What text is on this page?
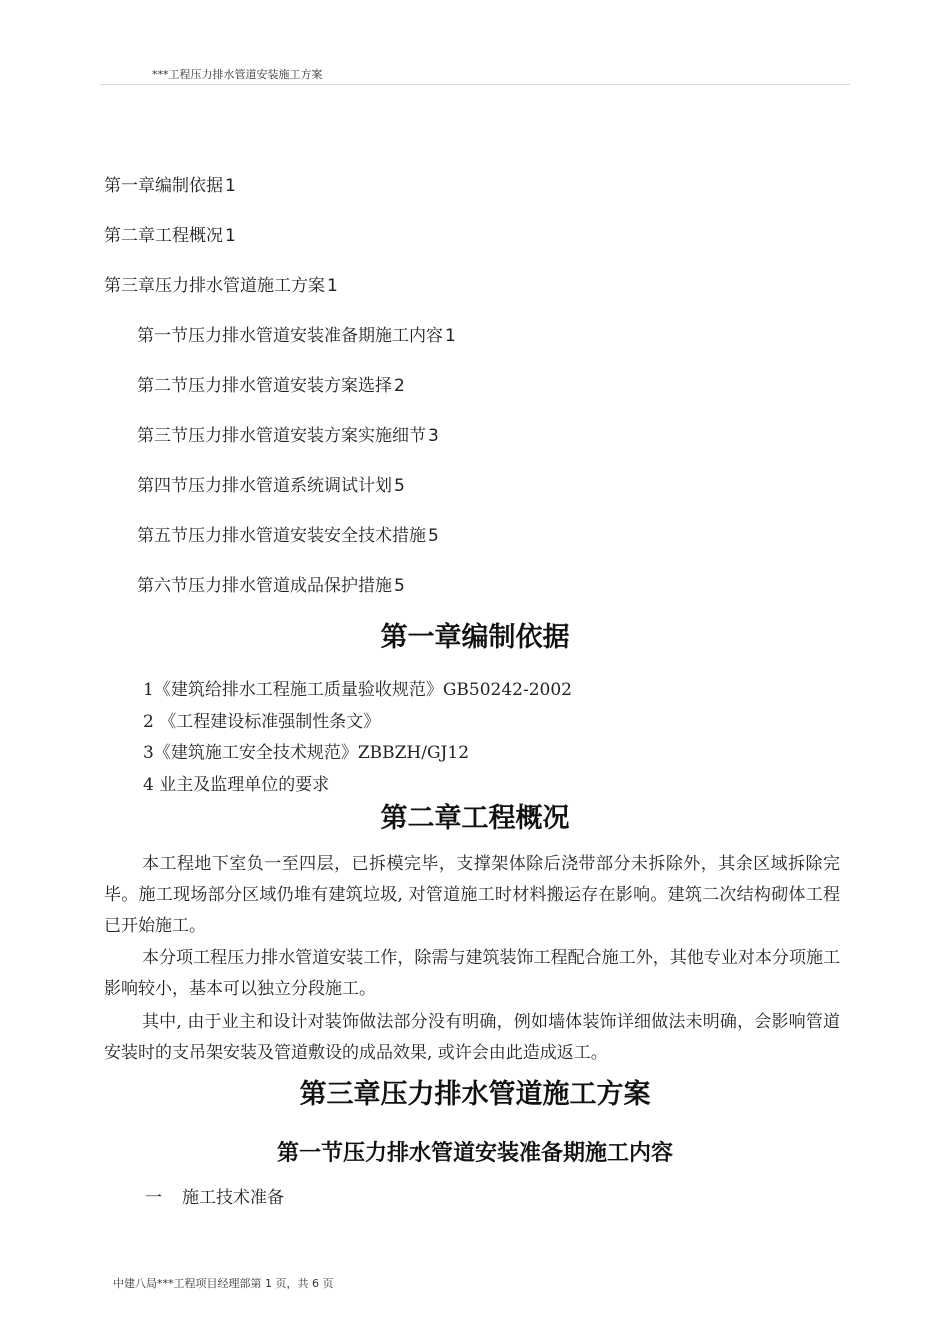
***工程压力排水管道安装施工方案
第一章编制依据 1
第二章工程概况 1
第三章压力排水管道施工方案 1
第一节压力排水管道安装准备期施工内容 1
第二节压力排水管道安装方案选择 2
第三节压力排水管道安装方案实施细节 3
第四节压力排水管道系统调试计划 5
第五节压力排水管道安装安全技术措施 5
第六节压力排水管道成品保护措施 5
第一章编制依据
1《建筑给排水工程施工质量验收规范》GB50242-2002
2 《工程建设标准强制性条文》
3《建筑施工安全技术规范》ZBBZH/GJ12
4 业主及监理单位的要求
第二章工程概况

本工程地下室负一至四层，已拆模完毕，支撑架体除后浇带部分未拆除外，其余区域拆除完毕。施工现场部分区域仍堆有建筑垃圾, 对管道施工时材料搬运存在影响。建筑二次结构砌体工程已开始施工。

本分项工程压力排水管道安装工作，除需与建筑装饰工程配合施工外，其他专业对本分项施工影响较小，基本可以独立分段施工。

其中, 由于业主和设计对装饰做法部分没有明确，例如墙体装饰详细做法未明确，会影响管道安装时的支吊架安装及管道敷设的成品效果, 或许会由此造成返工。

第三章压力排水管道施工方案
第一节压力排水管道安装准备期施工内容
一 施工技术准备
中建八局***工程项目经理部第 1 页，共 6 页
